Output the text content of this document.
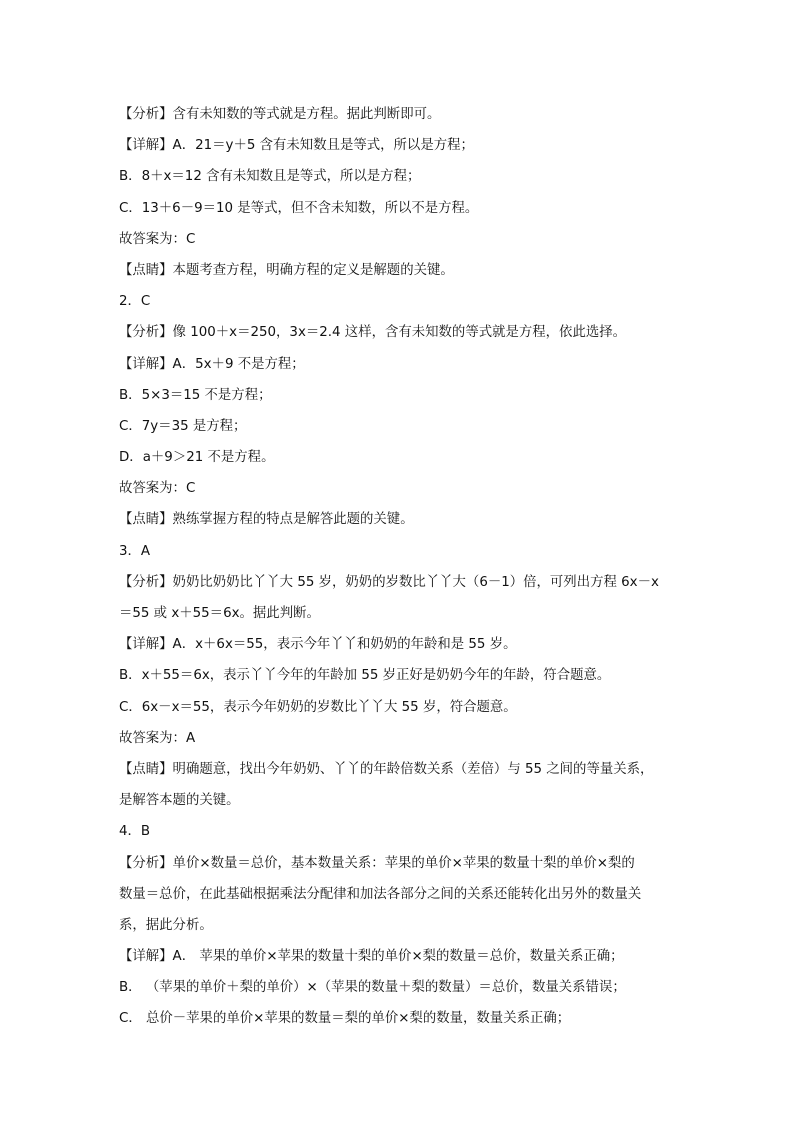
【分析】含有未知数的等式就是方程。据此判断即可。
【详解】A．21＝y＋5 含有未知数且是等式，所以是方程；
B．8＋x＝12 含有未知数且是等式，所以是方程；
C．13＋6－9＝10 是等式，但不含未知数，所以不是方程。
故答案为：C
【点睛】本题考查方程，明确方程的定义是解题的关键。
2．C
【分析】像 100＋x＝250，3x＝2.4 这样，含有未知数的等式就是方程，依此选择。
【详解】A．5x＋9 不是方程；
B．5×3＝15 不是方程；
C．7y＝35 是方程；
D．a＋9＞21 不是方程。
故答案为：C
【点睛】熟练掌握方程的特点是解答此题的关键。
3．A
【分析】奶奶比奶奶比丫丫大 55 岁，奶奶的岁数比丫丫大（6－1）倍，可列出方程 6x－x
＝55 或 x＋55＝6x。据此判断。
【详解】A．x＋6x＝55，表示今年丫丫和奶奶的年龄和是 55 岁。
B．x＋55＝6x，表示丫丫今年的年龄加 55 岁正好是奶奶今年的年龄，符合题意。
C．6x－x＝55，表示今年奶奶的岁数比丫丫大 55 岁，符合题意。
故答案为：A
【点睛】明确题意，找出今年奶奶、丫丫的年龄倍数关系（差倍）与 55 之间的等量关系，
是解答本题的关键。
4．B
【分析】单价×数量＝总价，基本数量关系：苹果的单价×苹果的数量十梨的单价×梨的
数量＝总价，在此基础根据乘法分配律和加法各部分之间的关系还能转化出另外的数量关
系，据此分析。
【详解】A． 苹果的单价×苹果的数量十梨的单价×梨的数量＝总价，数量关系正确；
B． （苹果的单价＋梨的单价）×（苹果的数量＋梨的数量）＝总价，数量关系错误；
C． 总价－苹果的单价×苹果的数量＝梨的单价×梨的数量，数量关系正确；
